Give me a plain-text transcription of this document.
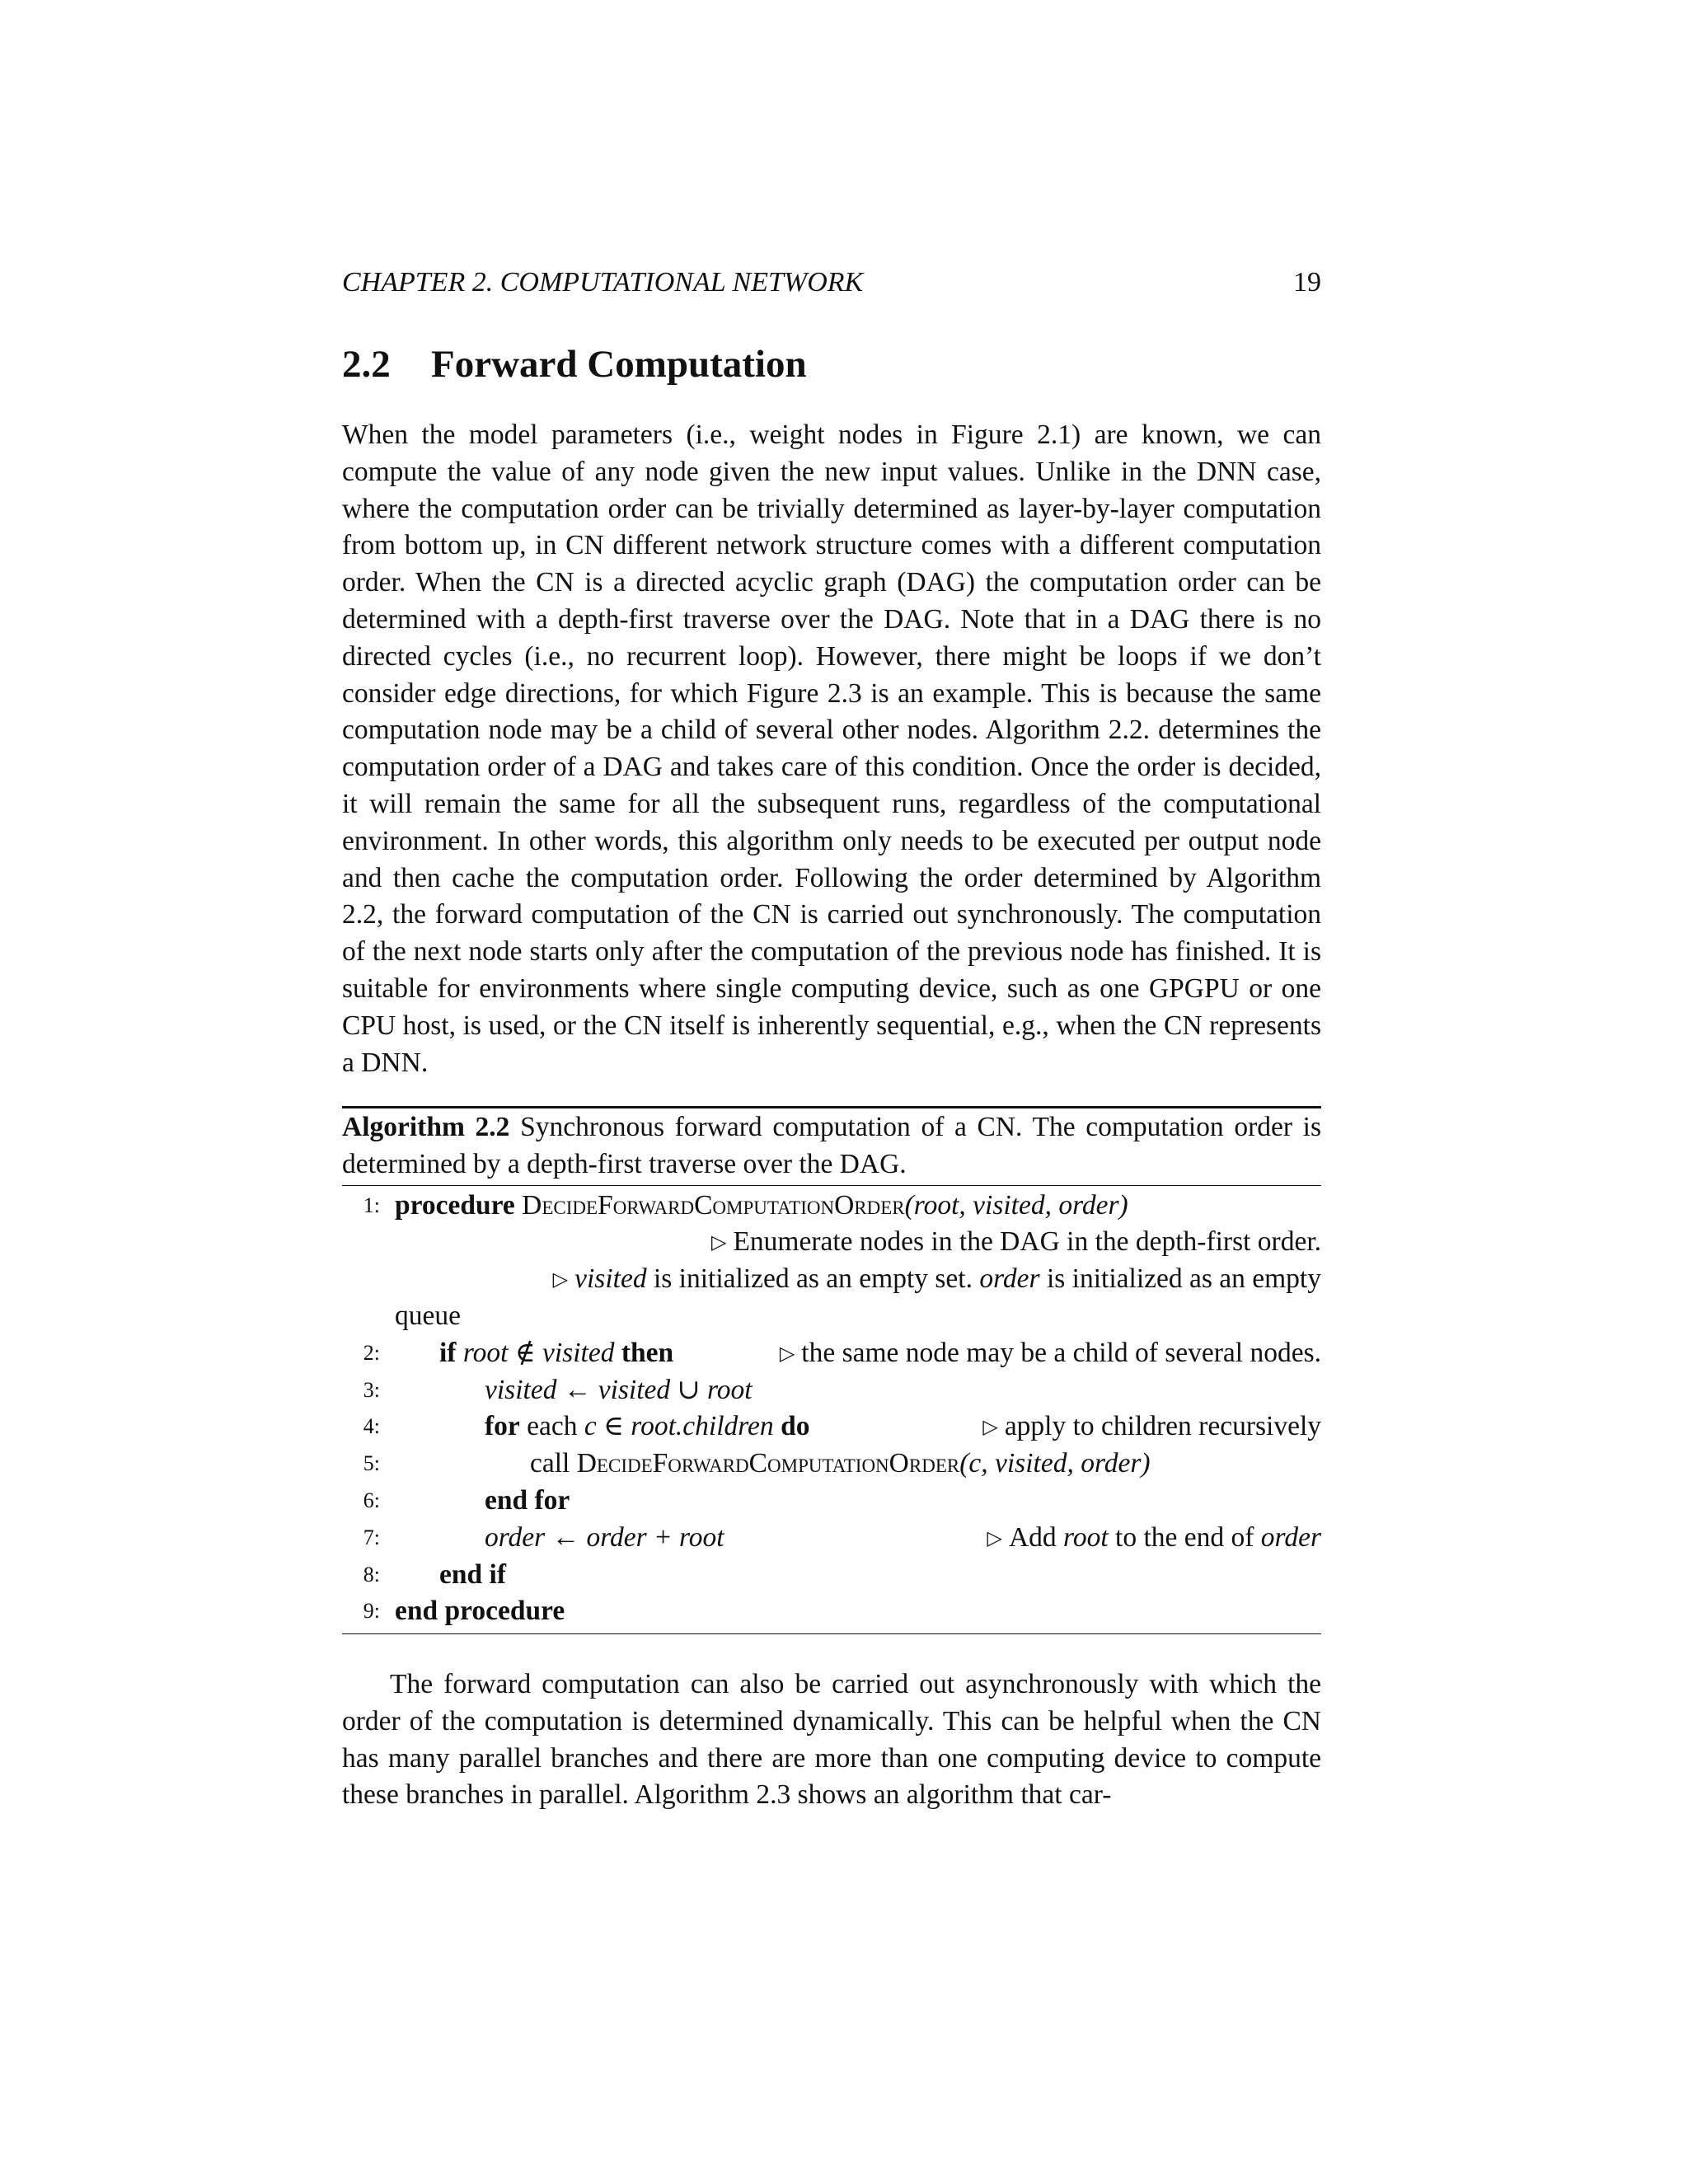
CHAPTER 2. COMPUTATIONAL NETWORK	19
2.2 Forward Computation

When the model parameters (i.e., weight nodes in Figure 2.1) are known, we can compute the value of any node given the new input values. Unlike in the DNN case, where the computation order can be trivially determined as layer-by-layer computation from bottom up, in CN different network structure comes with a different computation order. When the CN is a directed acyclic graph (DAG) the computation order can be determined with a depth-first traverse over the DAG. Note that in a DAG there is no directed cycles (i.e., no recurrent loop). However, there might be loops if we don’t consider edge directions, for which Figure 2.3 is an example. This is because the same computation node may be a child of several other nodes. Algorithm 2.2. determines the computation order of a DAG and takes care of this condition. Once the order is decided, it will remain the same for all the subsequent runs, regardless of the computational environment. In other words, this algorithm only needs to be executed per output node and then cache the computation order. Following the order determined by Algorithm 2.2, the forward computation of the CN is carried out synchronously. The computation of the next node starts only after the computation of the previous node has finished. It is suitable for environments where single computing device, such as one GPGPU or one CPU host, is used, or the CN itself is inherently sequential, e.g., when the CN represents a DNN.

Algorithm 2.2 Synchronous forward computation of a CN. The computation order is determined by a depth-first traverse over the DAG.
1: procedure DecideForwardComputationOrder(root, visited, order)
▷ Enumerate nodes in the DAG in the depth-first order.
▷ visited is initialized as an empty set. order is initialized as an empty
queue
2: if root ∉ visited then	▷ the same node may be a child of several nodes.
3:	visited ← visited ∪ root
4:	for each c ∈ root.children do	▷ apply to children recursively
5:	call DecideForwardComputationOrder(c, visited, order)
6:	end for
7:	order ← order + root	▷ Add root to the end of order
8: end if
9: end procedure

The forward computation can also be carried out asynchronously with which the order of the computation is determined dynamically. This can be helpful when the CN has many parallel branches and there are more than one computing device to compute these branches in parallel. Algorithm 2.3 shows an algorithm that car-
